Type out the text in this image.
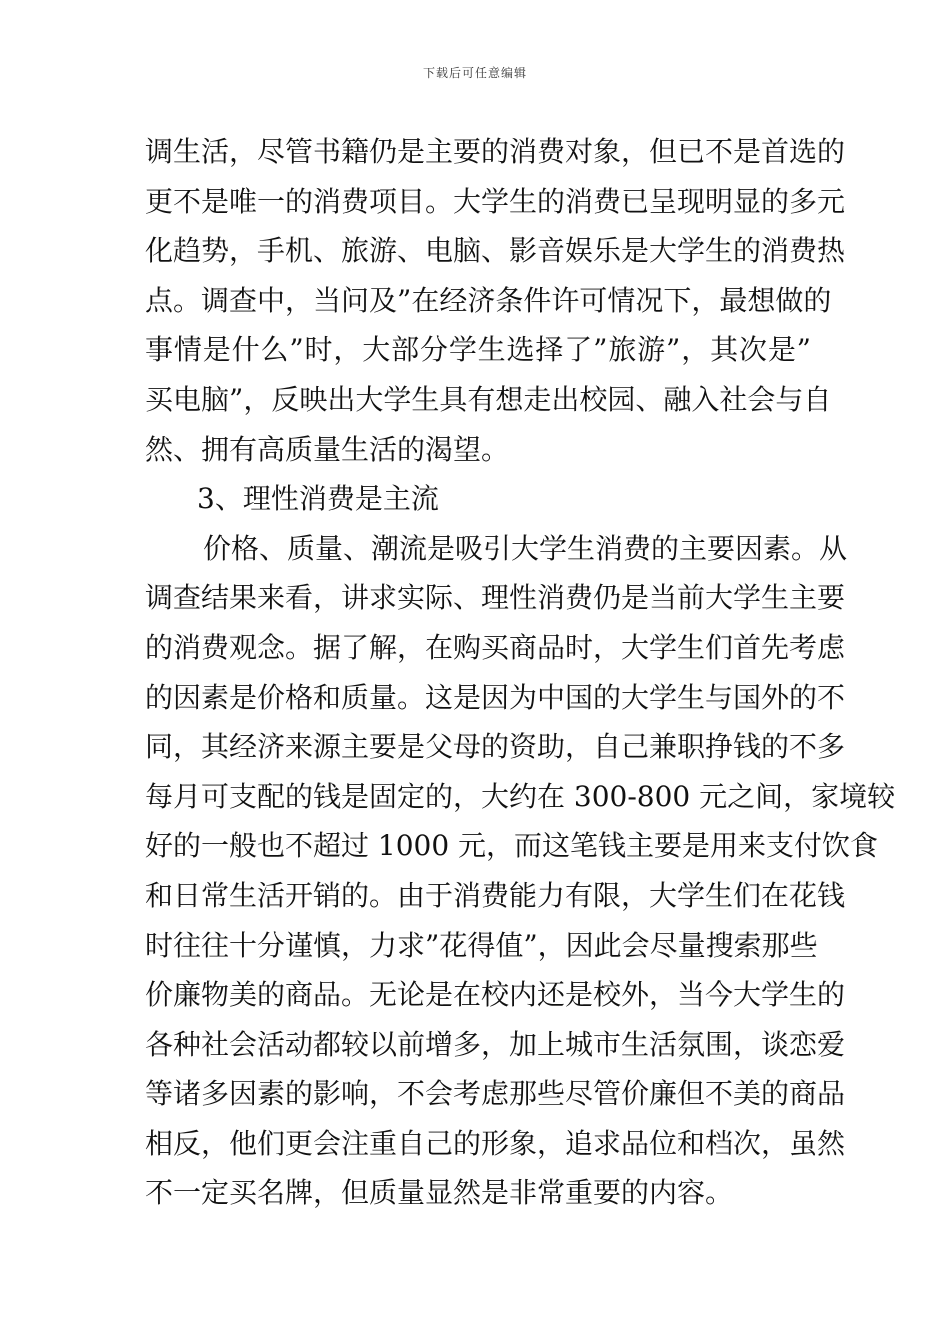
下载后可任意编辑
调生活，尽管书籍仍是主要的消费对象，但已不是首选的
更不是唯一的消费项目。大学生的消费已呈现明显的多元
化趋势，手机、旅游、电脑、影音娱乐是大学生的消费热
点。调查中，当问及”在经济条件许可情况下，最想做的
事情是什么”时，大部分学生选择了”旅游”，其次是”
买电脑”，反映出大学生具有想走出校园、融入社会与自
然、拥有高质量生活的渴望。
3、理性消费是主流
价格、质量、潮流是吸引大学生消费的主要因素。从
调查结果来看，讲求实际、理性消费仍是当前大学生主要
的消费观念。据了解，在购买商品时，大学生们首先考虑
的因素是价格和质量。这是因为中国的大学生与国外的不
同，其经济来源主要是父母的资助，自己兼职挣钱的不多
每月可支配的钱是固定的，大约在 300-800 元之间，家境较
好的一般也不超过 1000 元，而这笔钱主要是用来支付饮食
和日常生活开销的。由于消费能力有限，大学生们在花钱
时往往十分谨慎，力求”花得值”，因此会尽量搜索那些
价廉物美的商品。无论是在校内还是校外，当今大学生的
各种社会活动都较以前增多，加上城市生活氛围，谈恋爱
等诸多因素的影响，不会考虑那些尽管价廉但不美的商品
相反，他们更会注重自己的形象，追求品位和档次，虽然
不一定买名牌，但质量显然是非常重要的内容。
